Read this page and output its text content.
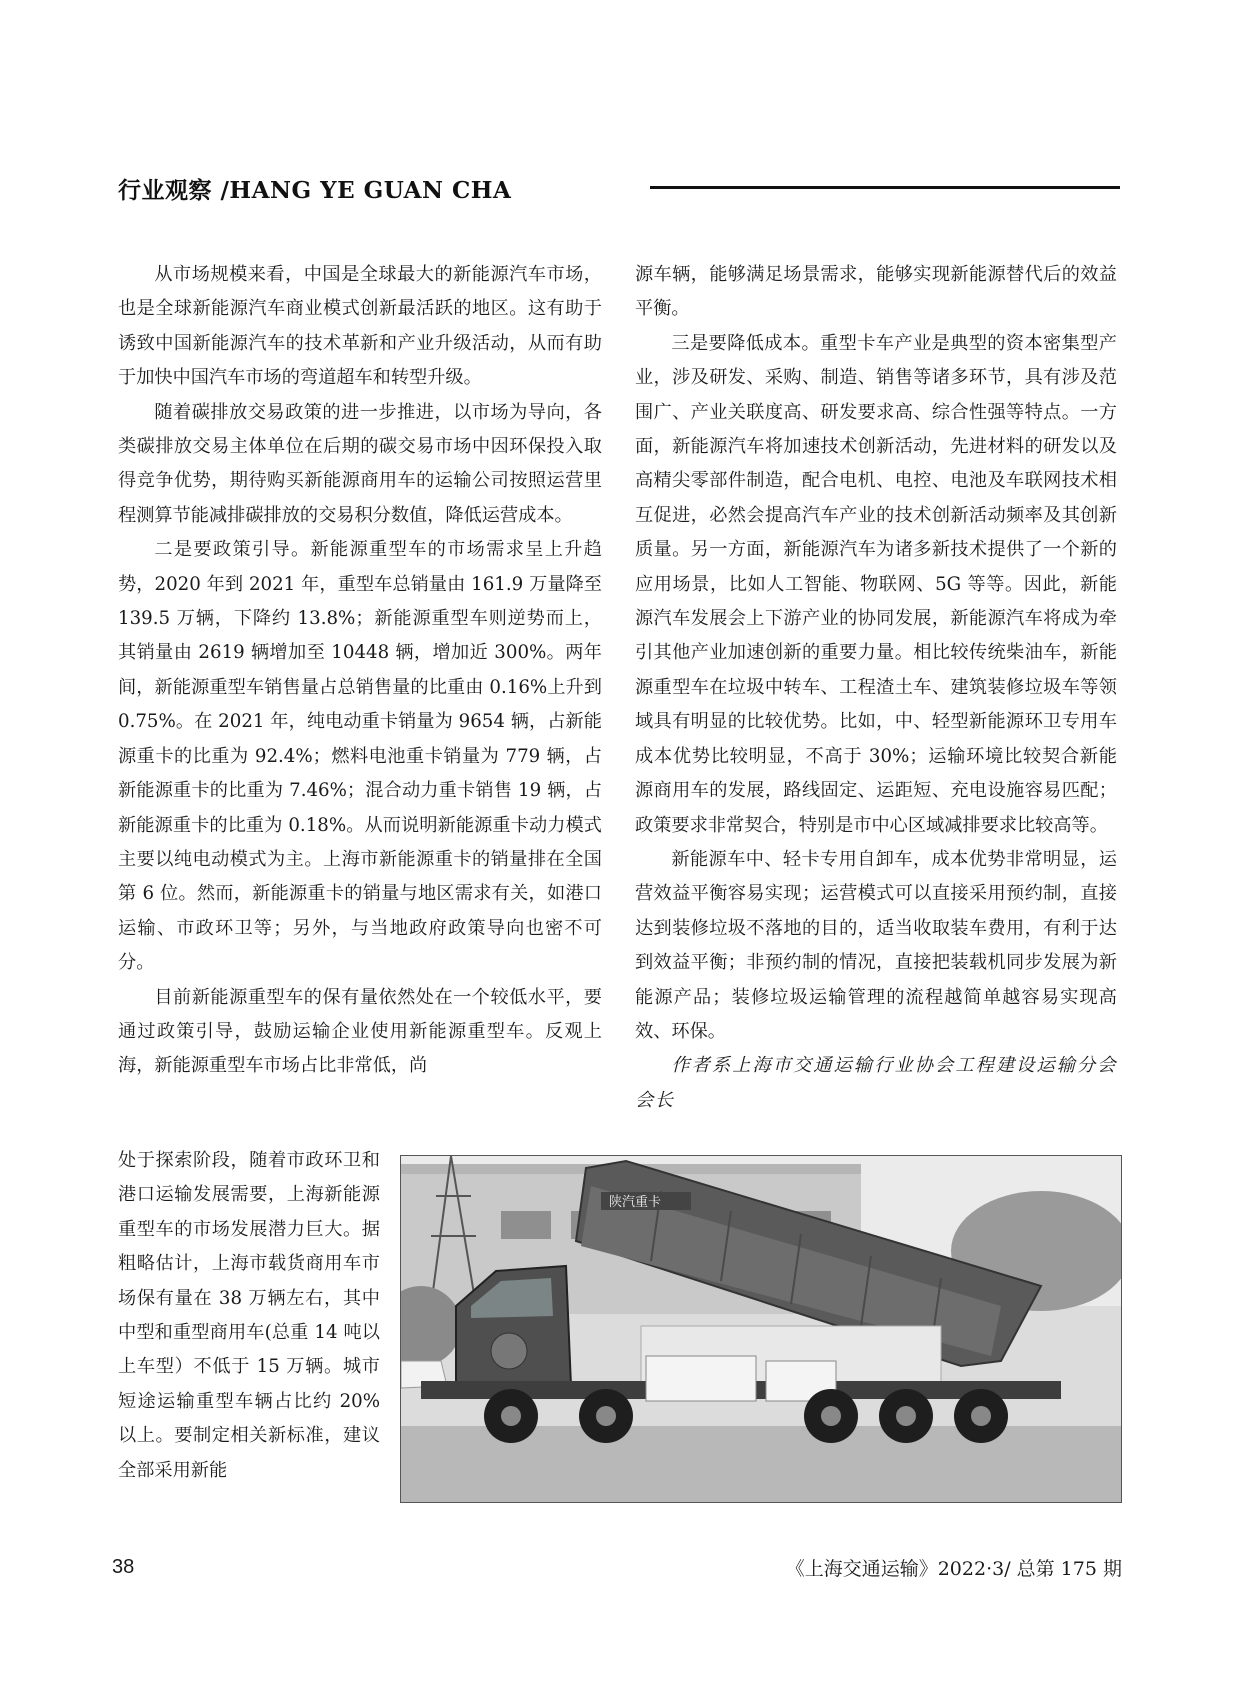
行业观察 /HANG YE GUAN CHA

从市场规模来看，中国是全球最大的新能源汽车市场，也是全球新能源汽车商业模式创新最活跃的地区。这有助于诱致中国新能源汽车的技术革新和产业升级活动，从而有助于加快中国汽车市场的弯道超车和转型升级。

随着碳排放交易政策的进一步推进，以市场为导向，各类碳排放交易主体单位在后期的碳交易市场中因环保投入取得竞争优势，期待购买新能源商用车的运输公司按照运营里程测算节能减排碳排放的交易积分数值，降低运营成本。

二是要政策引导。新能源重型车的市场需求呈上升趋势，2020 年到 2021 年，重型车总销量由 161.9 万量降至 139.5 万辆，下降约 13.8%；新能源重型车则逆势而上，其销量由 2619 辆增加至 10448 辆，增加近 300%。两年间，新能源重型车销售量占总销售量的比重由 0.16%上升到 0.75%。在 2021 年，纯电动重卡销量为 9654 辆，占新能源重卡的比重为 92.4%；燃料电池重卡销量为 779 辆，占新能源重卡的比重为 7.46%；混合动力重卡销售 19 辆，占新能源重卡的比重为 0.18%。从而说明新能源重卡动力模式主要以纯电动模式为主。上海市新能源重卡的销量排在全国第 6 位。然而，新能源重卡的销量与地区需求有关，如港口运输、市政环卫等；另外，与当地政府政策导向也密不可分。

目前新能源重型车的保有量依然处在一个较低水平，要通过政策引导，鼓励运输企业使用新能源重型车。反观上海，新能源重型车市场占比非常低，尚

处于探索阶段，随着市政环卫和港口运输发展需要，上海新能源重型车的市场发展潜力巨大。据粗略估计，上海市载货商用车市场保有量在 38 万辆左右，其中中型和重型商用车(总重 14 吨以上车型）不低于 15 万辆。城市短途运输重型车辆占比约 20%以上。要制定相关新标准，建议全部采用新能

源车辆，能够满足场景需求，能够实现新能源替代后的效益平衡。

三是要降低成本。重型卡车产业是典型的资本密集型产业，涉及研发、采购、制造、销售等诸多环节，具有涉及范围广、产业关联度高、研发要求高、综合性强等特点。一方面，新能源汽车将加速技术创新活动，先进材料的研发以及高精尖零部件制造，配合电机、电控、电池及车联网技术相互促进，必然会提高汽车产业的技术创新活动频率及其创新质量。另一方面，新能源汽车为诸多新技术提供了一个新的应用场景，比如人工智能、物联网、5G 等等。因此，新能源汽车发展会上下游产业的协同发展，新能源汽车将成为牵引其他产业加速创新的重要力量。相比较传统柴油车，新能源重型车在垃圾中转车、工程渣土车、建筑装修垃圾车等领域具有明显的比较优势。比如，中、轻型新能源环卫专用车成本优势比较明显，不高于 30%；运输环境比较契合新能源商用车的发展，路线固定、运距短、充电设施容易匹配；政策要求非常契合，特别是市中心区域减排要求比较高等。

新能源车中、轻卡专用自卸车，成本优势非常明显，运营效益平衡容易实现；运营模式可以直接采用预约制，直接达到装修垃圾不落地的目的，适当收取装车费用，有利于达到效益平衡；非预约制的情况，直接把装载机同步发展为新能源产品；装修垃圾运输管理的流程越简单越容易实现高效、环保。

作者系上海市交通运输行业协会工程建设运输分会会长

陕汽重卡
38	《上海交通运输》2022·3/ 总第 175 期
